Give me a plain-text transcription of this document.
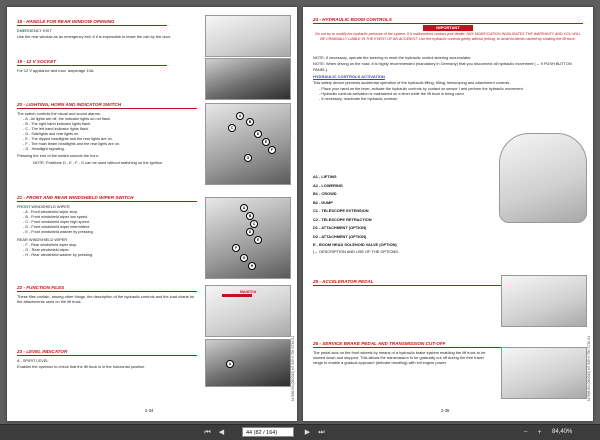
18 - HANDLE FOR REAR WINDOW OPENING
EMERGENCY EXIT

Use the rear window as an emergency exit, if it is impossible to leave the cab by the door.

19 - 12 V SOCKET

For 12 V appliance and max. amperage 10A.

20 - LIGHTING, HORN AND INDICATOR SWITCH

The switch controls the visual and sound alarms.

- A - All lights are off, the indicator lights do not flash.
- B - The right hand indicator lights flash.
- C - The left hand indicator lights flash.
- D - Sidelights and rear lights on.
- E - The dipped headlights and the rear lights are on.
- F - The main beam headlights and the rear lights are on.
- G - Headlight signaling.

Pressing the end of the switch sounds the horn.

NOTE: Positions D - E - F - G can be used without switching on the ignition.

A
B
C
D
E
F
G
21 - FRONT AND REAR WINDSHIELD WIPER SWITCH
FRONT WINDSHIELD WIPER
- A - Front windshield wiper stop.
- B - Front windshield wiper low speed.
- C - Front windshield wiper high speed.
- D - Front windshield wiper intermittent.
- E - Front windshield washer by pressing.
REAR WINDSHIELD WIPER
- F - Rear windshield wiper stop.
- G - Rear windshield wiper.
- H - Rear windshield washer by pressing.
A
B
C
D
E
F
G
H
22 - FUNCTION FILES

These files contain, among other things, the description of the hydraulic controls and the load charts for the attachments used on the lift truck.

MANITOU
23 - LEVEL INDICATOR
A - SPIRIT LEVEL

Enables the operator to check that the lift truck is in the horizontal position.

A	547696 EN (06/2013) MT 625 H 75K ST3A S1
2-34
24 - HYDRAULIC BOOM CONTROLS
IMPORTANT
Do not try to modify the hydraulic pressure of the system. If it malfunctions contact your dealer. ANY MODIFICATION INVALIDATES THE WARRANTY AND YOU WILL BE CRIMINALLY LIABLE IN THE EVENT OF AN ACCIDENT. Use the hydraulic controls gently without jerking, to avoid incidents caused by shaking the lift truck.

NOTE: If necessary, operate the steering to reset the hydraulic control steering accumulator.

NOTE: When driving on the road, it is highly recommended (mandatory in Germany) that you disconnect all hydraulic movement (→ 9 PUSH BUTTON PANEL).

HYDRAULIC CONTROLS ACTIVATION

This safety device prevents accidental operation of the hydraulic lifting, tilting, telescoping and attachment controls.

- Place your hand on the lever, activate the hydraulic controls by contact on sensor I and perform the hydraulic movement.
- Hydraulic controls activation is maintained on a timer while the lift truck is being used.
- If necessary, reactivate the hydraulic controls.
A1 - LIFTING
A2 - LOWERING
B1 - CROWD
B2 - DUMP
C1 - TELESCOPE EXTENSION
C2 - TELESCOPE RETRACTION
D1 - ATTACHMENT (OPTION)
D2 - ATTACHMENT (OPTION)
E - BOOM HEAD SOLENOID VALVE (OPTION)
(→ DESCRIPTION AND USE OF THE OPTIONS.
25 - ACCELERATOR PEDAL
26 - SERVICE BRAKE PEDAL AND TRANSMISSION CUT-OFF

The pedal acts on the front wheels by means of a hydraulic brake system enabling the lift truck to be slowed down and stopped. This allows the transmission to be gradually cut off during the free travel range to enable a gradual approach (delicate handling) with full engine power.	547696 EN (06/2013) MT 625 H 75K ST3A S1
2-35
⏮	◀	44 (82 / 164)	▶	⏭	−	+	84,40%
